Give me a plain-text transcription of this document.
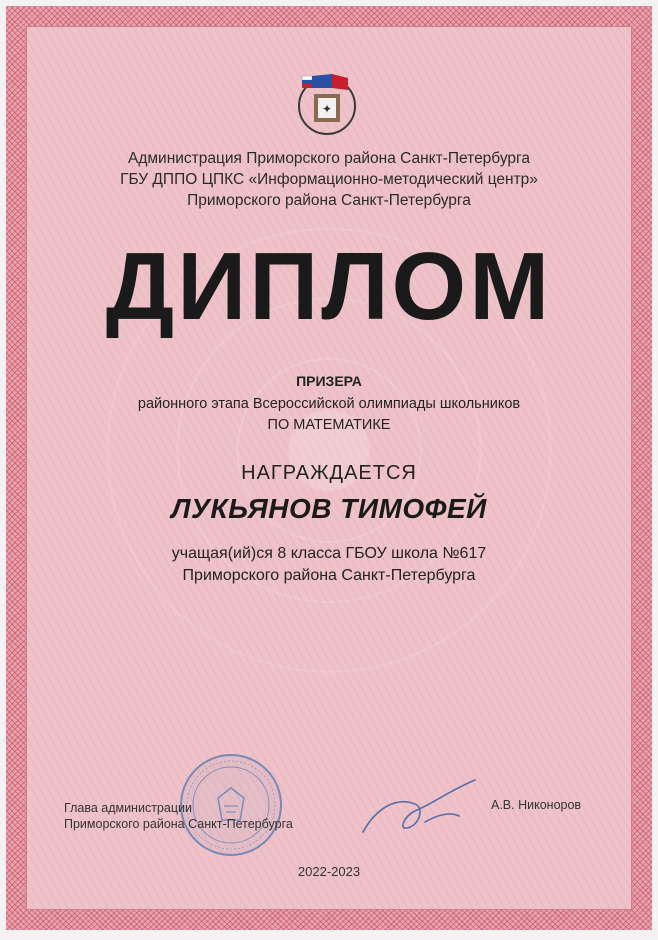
✦
Администрация Приморского района Санкт-Петербурга
ГБУ ДППО ЦПКС «Информационно-методический центр»
Приморского района Санкт-Петербурга
ДИПЛОМ
ПРИЗЕРА
районного этапа Всероссийской олимпиады школьников
ПО МАТЕМАТИКЕ
НАГРАЖДАЕТСЯ
ЛУКЬЯНОВ ТИМОФЕЙ
учащая(ий)ся 8 класса ГБОУ школа №617
Приморского района Санкт-Петербурга
Глава администрации
Приморского района Санкт-Петербурга
А.В. Никоноров
2022-2023
